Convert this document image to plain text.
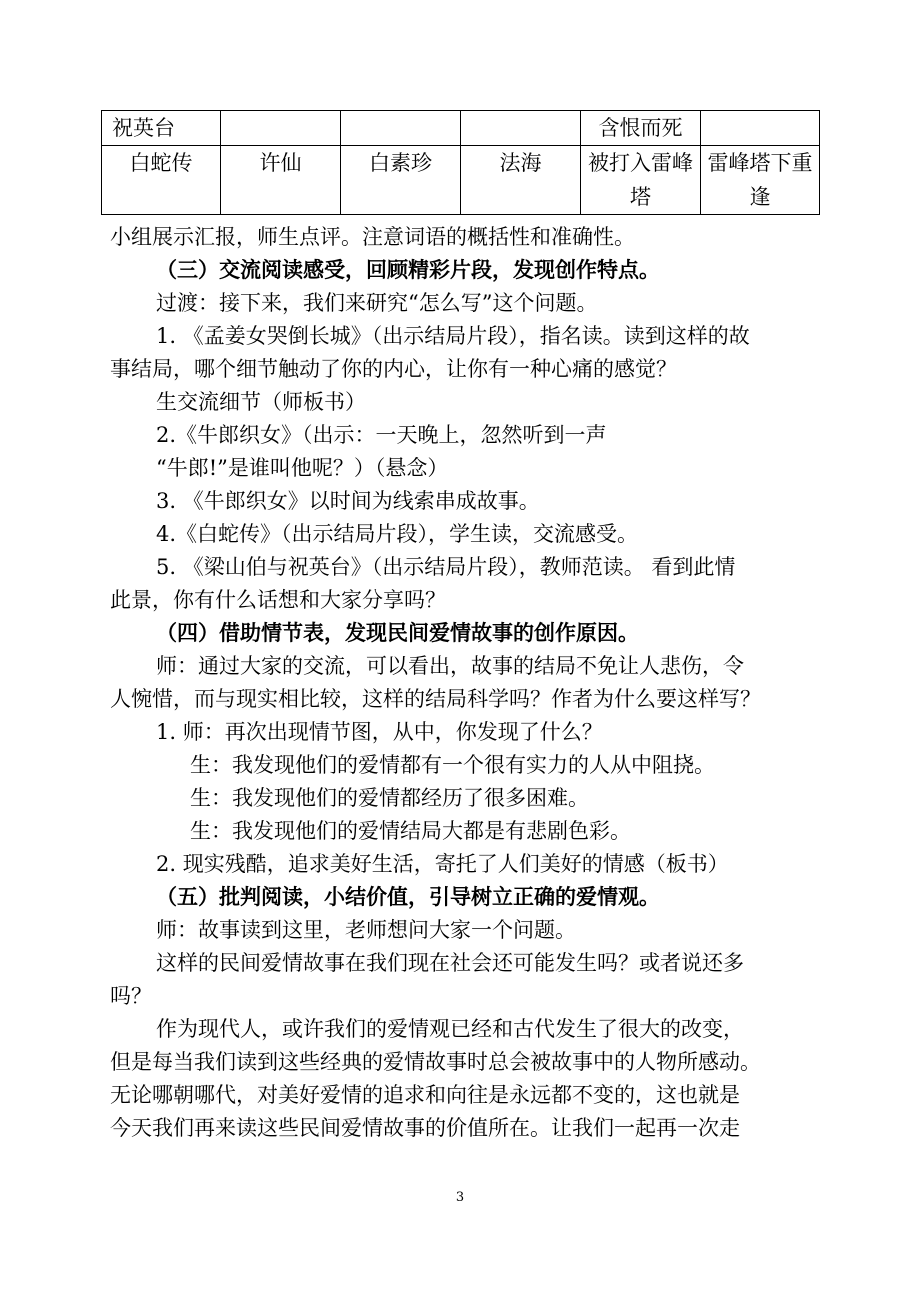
祝英台				含恨而死	
白蛇传	许仙	白素珍	法海	被打入雷峰塔	雷峰塔下重逢
小组展示汇报，师生点评。注意词语的概括性和准确性。
（三）交流阅读感受，回顾精彩片段，发现创作特点。
过渡：接下来，我们来研究“怎么写”这个问题。
1. 《孟姜女哭倒长城》（出示结局片段），指名读。读到这样的故
事结局，哪个细节触动了你的内心，让你有一种心痛的感觉？
生交流细节（师板书）
2.《牛郎织女》（出示：一天晚上，忽然听到一声
“牛郎!”是谁叫他呢？）（悬念）
3. 《牛郎织女》以时间为线索串成故事。
4.《白蛇传》（出示结局片段），学生读，交流感受。
5. 《梁山伯与祝英台》（出示结局片段），教师范读。 看到此情
此景，你有什么话想和大家分享吗？
（四）借助情节表，发现民间爱情故事的创作原因。
师：通过大家的交流，可以看出，故事的结局不免让人悲伤，令
人惋惜，而与现实相比较，这样的结局科学吗？作者为什么要这样写？
1. 师：再次出现情节图，从中，你发现了什么？
生：我发现他们的爱情都有一个很有实力的人从中阻挠。
生：我发现他们的爱情都经历了很多困难。
生：我发现他们的爱情结局大都是有悲剧色彩。
2. 现实残酷，追求美好生活，寄托了人们美好的情感（板书）
（五）批判阅读，小结价值，引导树立正确的爱情观。
师：故事读到这里，老师想问大家一个问题。
这样的民间爱情故事在我们现在社会还可能发生吗？或者说还多
吗？
作为现代人，或许我们的爱情观已经和古代发生了很大的改变，
但是每当我们读到这些经典的爱情故事时总会被故事中的人物所感动。
无论哪朝哪代，对美好爱情的追求和向往是永远都不变的，这也就是
今天我们再来读这些民间爱情故事的价值所在。让我们一起再一次走
3
